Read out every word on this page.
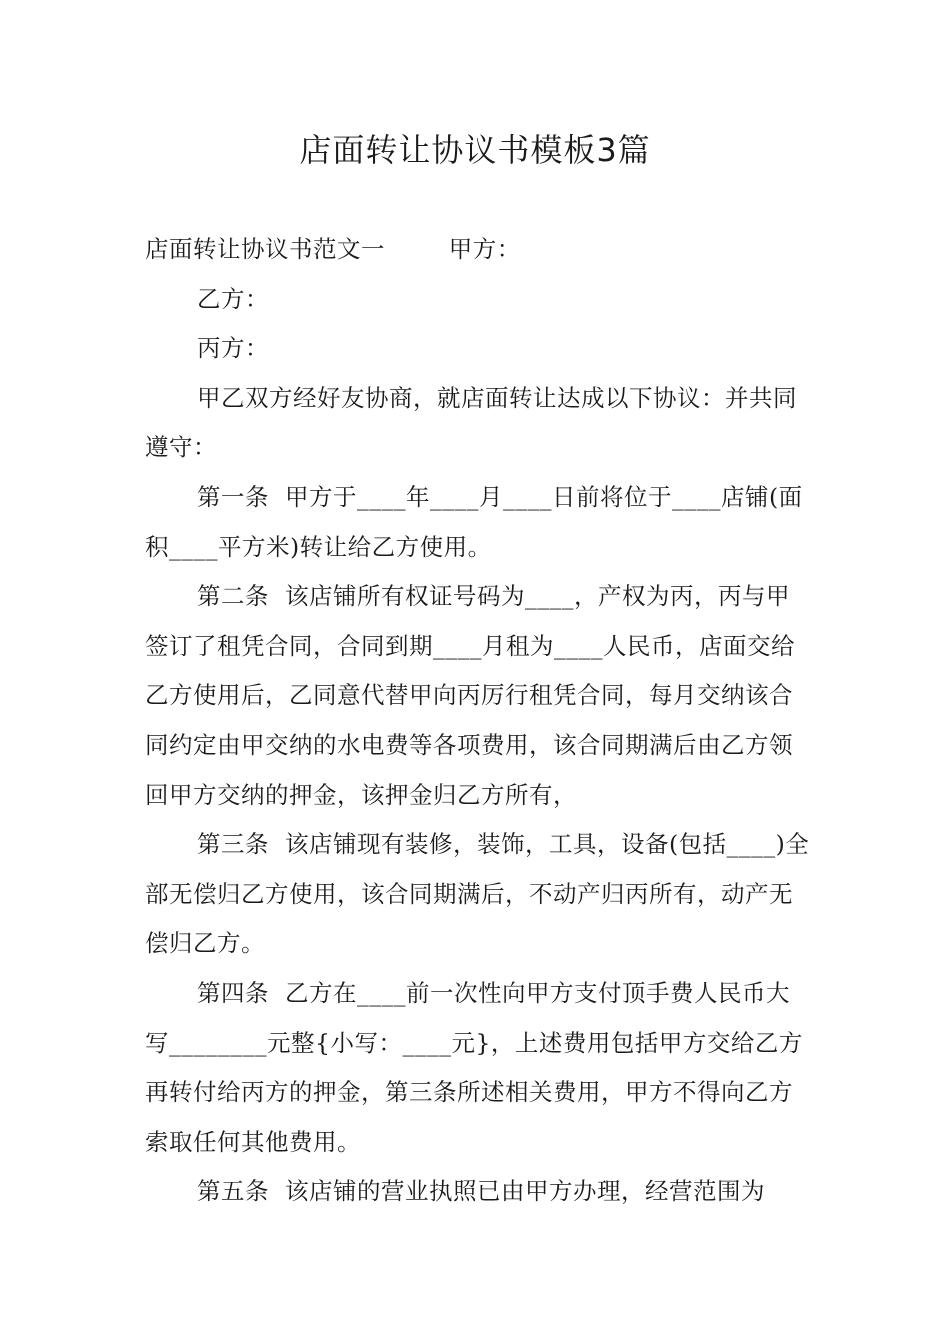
店面转让协议书模板3篇

店面转让协议书范文一        甲方：

乙方：

丙方：

甲乙双方经好友协商，就店面转让达成以下协议：并共同遵守：

第一条  甲方于____年____月____日前将位于____店铺(面积____平方米)转让给乙方使用。

第二条  该店铺所有权证号码为____，产权为丙，丙与甲签订了租凭合同，合同到期____月租为____人民币，店面交给乙方使用后，乙同意代替甲向丙厉行租凭合同，每月交纳该合同约定由甲交纳的水电费等各项费用，该合同期满后由乙方领回甲方交纳的押金，该押金归乙方所有，

第三条  该店铺现有装修，装饰，工具，设备(包括____)全部无偿归乙方使用，该合同期满后，不动产归丙所有，动产无偿归乙方。

第四条  乙方在____前一次性向甲方支付顶手费人民币大写________元整{小写：____元}，上述费用包括甲方交给乙方再转付给丙方的押金，第三条所述相关费用，甲方不得向乙方索取任何其他费用。

第五条  该店铺的营业执照已由甲方办理，经营范围为
